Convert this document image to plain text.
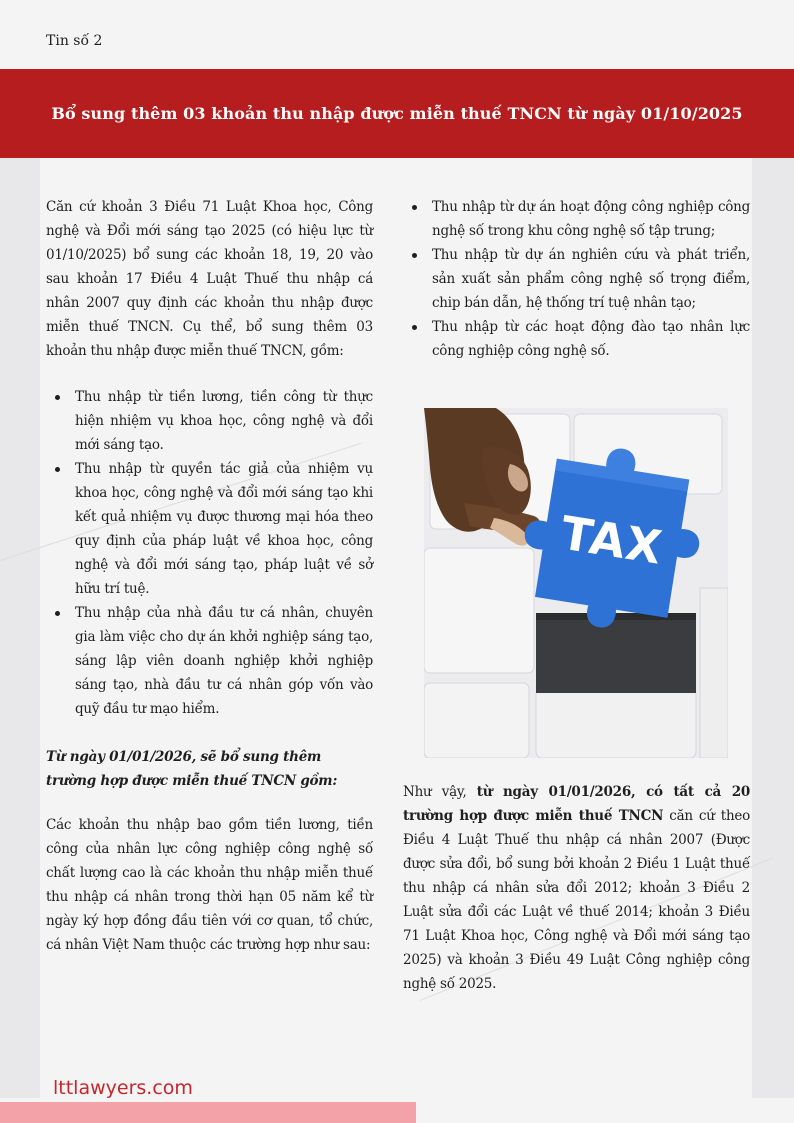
Tin số 2
Bổ sung thêm 03 khoản thu nhập được miễn thuế TNCN từ ngày 01/10/2025

Căn cứ khoản 3 Điều 71 Luật Khoa học, Công nghệ và Đổi mới sáng tạo 2025 (có hiệu lực từ 01/10/2025) bổ sung các khoản 18, 19, 20 vào sau khoản 17 Điều 4 Luật Thuế thu nhập cá nhân 2007 quy định các khoản thu nhập được miễn thuế TNCN. Cụ thể, bổ sung thêm 03 khoản thu nhập được miễn thuế TNCN, gồm:

Thu nhập từ tiền lương, tiền công từ thực hiện nhiệm vụ khoa học, công nghệ và đổi mới sáng tạo.
Thu nhập từ quyền tác giả của nhiệm vụ khoa học, công nghệ và đổi mới sáng tạo khi kết quả nhiệm vụ được thương mại hóa theo quy định của pháp luật về khoa học, công nghệ và đổi mới sáng tạo, pháp luật về sở hữu trí tuệ.
Thu nhập của nhà đầu tư cá nhân, chuyên gia làm việc cho dự án khởi nghiệp sáng tạo, sáng lập viên doanh nghiệp khởi nghiệp sáng tạo, nhà đầu tư cá nhân góp vốn vào quỹ đầu tư mạo hiểm.

Từ ngày 01/01/2026, sẽ bổ sung thêm trường hợp được miễn thuế TNCN gồm:

Các khoản thu nhập bao gồm tiền lương, tiền công của nhân lực công nghiệp công nghệ số chất lượng cao là các khoản thu nhập miễn thuế thu nhập cá nhân trong thời hạn 05 năm kể từ ngày ký hợp đồng đầu tiên với cơ quan, tổ chức, cá nhân Việt Nam thuộc các trường hợp như sau:

Thu nhập từ dự án hoạt động công nghiệp công nghệ số trong khu công nghệ số tập trung;
Thu nhập từ dự án nghiên cứu và phát triển, sản xuất sản phẩm công nghệ số trọng điểm, chip bán dẫn, hệ thống trí tuệ nhân tạo;
Thu nhập từ các hoạt động đào tạo nhân lực công nghiệp công nghệ số.
TAX

Như vậy, từ ngày 01/01/2026, có tất cả 20 trường hợp được miễn thuế TNCN căn cứ theo Điều 4 Luật Thuế thu nhập cá nhân 2007 (Được được sửa đổi, bổ sung bởi khoản 2 Điều 1 Luật thuế thu nhập cá nhân sửa đổi 2012; khoản 3 Điều 2 Luật sửa đổi các Luật về thuế 2014; khoản 3 Điều 71 Luật Khoa học, Công nghệ và Đổi mới sáng tạo 2025) và khoản 3 Điều 49 Luật Công nghiệp công nghệ số 2025.

lttlawyers.com
